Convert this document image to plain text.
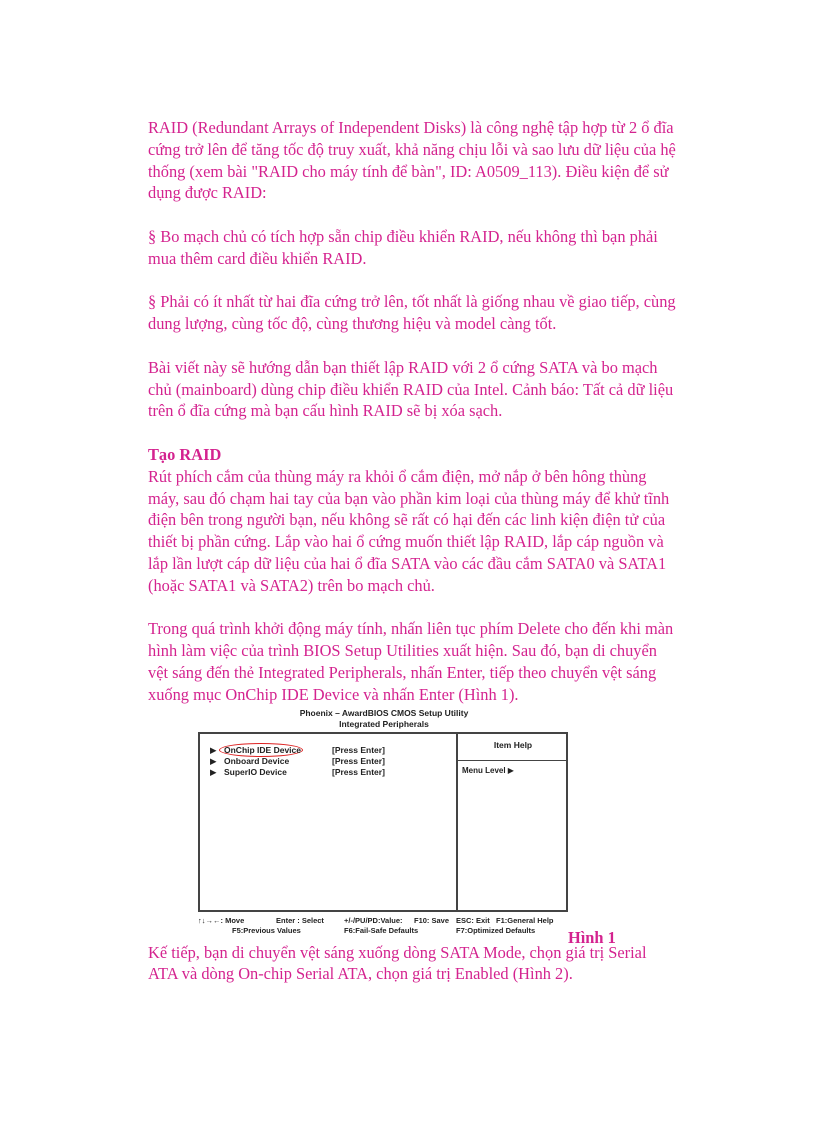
RAID (Redundant Arrays of Independent Disks) là công nghệ tập hợp từ 2 ổ đĩa cứng trở lên để tăng tốc độ truy xuất, khả năng chịu lỗi và sao lưu dữ liệu của hệ thống (xem bài "RAID cho máy tính để bàn", ID: A0509_113). Điều kiện để sử dụng được RAID:

§ Bo mạch chủ có tích hợp sẵn chip điều khiển RAID, nếu không thì bạn phải mua thêm card điều khiển RAID.

§ Phải có ít nhất từ hai đĩa cứng trở lên, tốt nhất là giống nhau về giao tiếp, cùng dung lượng, cùng tốc độ, cùng thương hiệu và model càng tốt.

Bài viết này sẽ hướng dẫn bạn thiết lập RAID với 2 ổ cứng SATA và bo mạch chủ (mainboard) dùng chip điều khiển RAID của Intel. Cảnh báo: Tất cả dữ liệu trên ổ đĩa cứng mà bạn cấu hình RAID sẽ bị xóa sạch.

Tạo RAID

Rút phích cắm của thùng máy ra khỏi ổ cắm điện, mở nắp ở bên hông thùng máy, sau đó chạm hai tay của bạn vào phần kim loại của thùng máy để khử tĩnh điện bên trong người bạn, nếu không sẽ rất có hại đến các linh kiện điện tử của thiết bị phần cứng. Lắp vào hai ổ cứng muốn thiết lập RAID, lắp cáp nguồn và lắp lần lượt cáp dữ liệu của hai ổ đĩa SATA vào các đầu cắm SATA0 và SATA1 (hoặc SATA1 và SATA2) trên bo mạch chủ.

Trong quá trình khởi động máy tính, nhấn liên tục phím Delete cho đến khi màn hình làm việc của trình BIOS Setup Utilities xuất hiện. Sau đó, bạn di chuyển vệt sáng đến thẻ Integrated Peripherals, nhấn Enter, tiếp theo chuyển vệt sáng xuống mục OnChip IDE Device và nhấn Enter (Hình 1).

Phoenix – AwardBIOS CMOS Setup Utility
Integrated Peripherals
▶ OnChip IDE Device	[Press Enter]
▶ Onboard Device	[Press Enter]
▶ SuperIO Device	[Press Enter]
Item Help
Menu Level ▶
↑↓→←: Move	Enter : Select	+/-/PU/PD:Value: F10: Save ESC: Exit F1:General Help
F5:Previous Values	F6:Fail-Safe Defaults	F7:Optimized Defaults Hình 1

Kế tiếp, bạn di chuyển vệt sáng xuống dòng SATA Mode, chọn giá trị Serial ATA và dòng On-chip Serial ATA, chọn giá trị Enabled (Hình 2).
